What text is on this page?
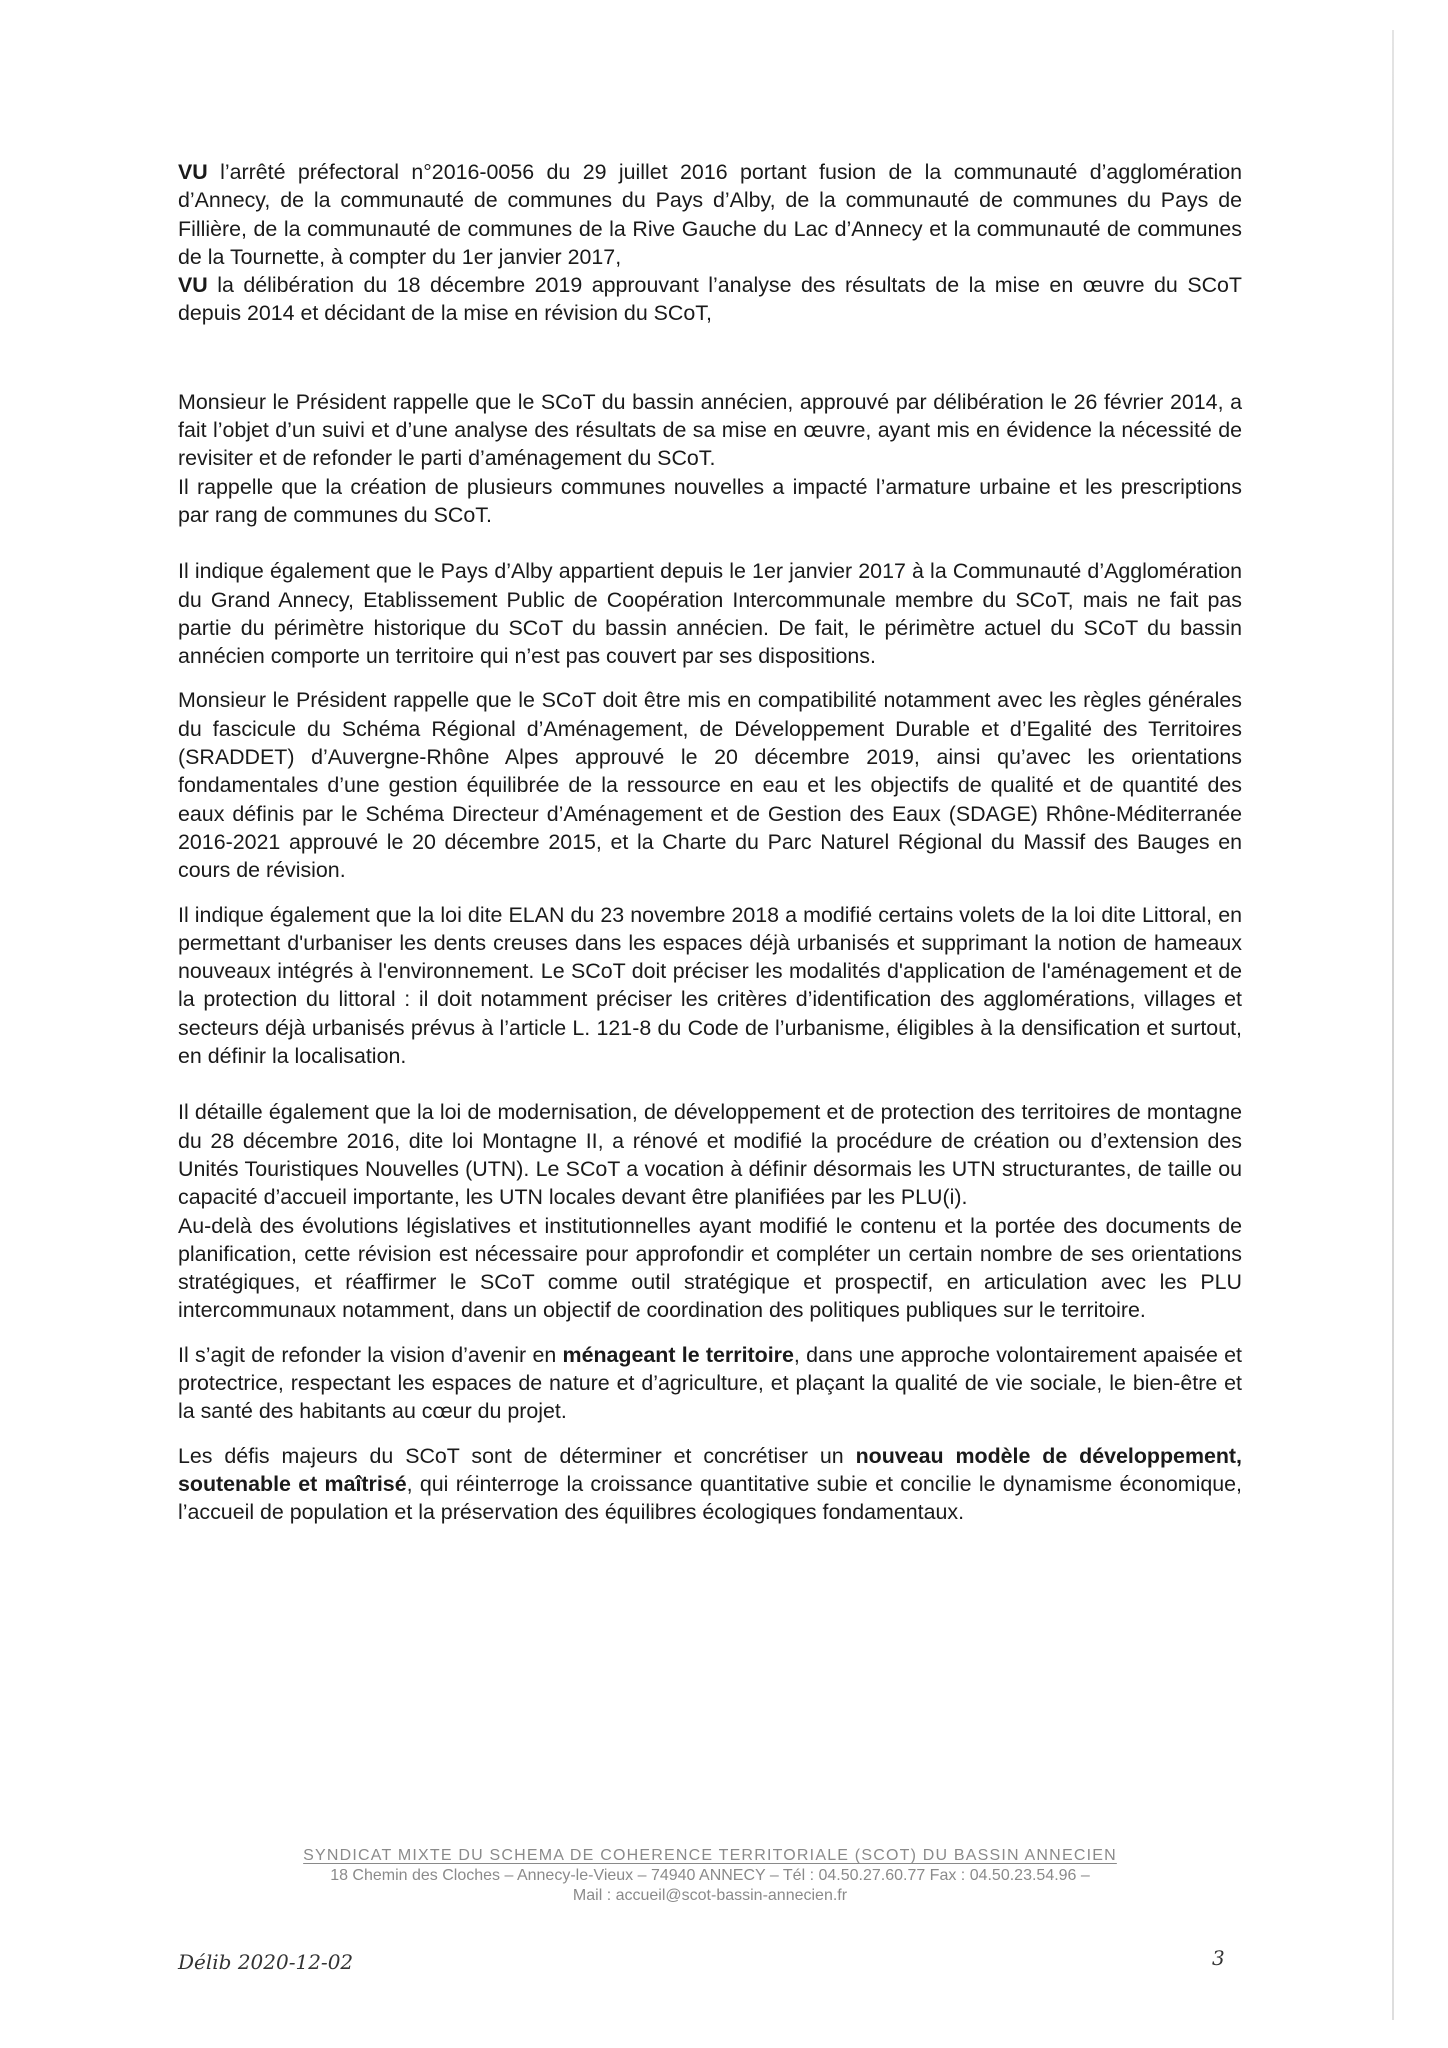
VU l’arrêté préfectoral n°2016-0056 du 29 juillet 2016 portant fusion de la communauté d’agglomération d’Annecy, de la communauté de communes du Pays d’Alby, de la communauté de communes du Pays de Fillière, de la communauté de communes de la Rive Gauche du Lac d’Annecy et la communauté de communes de la Tournette, à compter du 1er janvier 2017,

VU la délibération du 18 décembre 2019 approuvant l’analyse des résultats de la mise en œuvre du SCoT depuis 2014 et décidant de la mise en révision du SCoT,

Monsieur le Président rappelle que le SCoT du bassin annécien, approuvé par délibération le 26 février 2014, a fait l’objet d’un suivi et d’une analyse des résultats de sa mise en œuvre, ayant mis en évidence la nécessité de revisiter et de refonder le parti d’aménagement du SCoT.

Il rappelle que la création de plusieurs communes nouvelles a impacté l’armature urbaine et les prescriptions par rang de communes du SCoT.

Il indique également que le Pays d’Alby appartient depuis le 1er janvier 2017 à la Communauté d’Agglomération du Grand Annecy, Etablissement Public de Coopération Intercommunale membre du SCoT, mais ne fait pas partie du périmètre historique du SCoT du bassin annécien. De fait, le périmètre actuel du SCoT du bassin annécien comporte un territoire qui n’est pas couvert par ses dispositions.

Monsieur le Président rappelle que le SCoT doit être mis en compatibilité notamment avec les règles générales du fascicule du Schéma Régional d’Aménagement, de Développement Durable et d’Egalité des Territoires (SRADDET) d’Auvergne-Rhône Alpes approuvé le 20 décembre 2019, ainsi qu’avec les orientations fondamentales d’une gestion équilibrée de la ressource en eau et les objectifs de qualité et de quantité des eaux définis par le Schéma Directeur d’Aménagement et de Gestion des Eaux (SDAGE) Rhône-Méditerranée 2016-2021 approuvé le 20 décembre 2015, et la Charte du Parc Naturel Régional du Massif des Bauges en cours de révision.

Il indique également que la loi dite ELAN du 23 novembre 2018 a modifié certains volets de la loi dite Littoral, en permettant d'urbaniser les dents creuses dans les espaces déjà urbanisés et supprimant la notion de hameaux nouveaux intégrés à l'environnement. Le SCoT doit préciser les modalités d'application de l'aménagement et de la protection du littoral : il doit notamment préciser les critères d’identification des agglomérations, villages et secteurs déjà urbanisés prévus à l’article L. 121-8 du Code de l’urbanisme, éligibles à la densification et surtout, en définir la localisation.

Il détaille également que la loi de modernisation, de développement et de protection des territoires de montagne du 28 décembre 2016, dite loi Montagne II, a rénové et modifié la procédure de création ou d’extension des Unités Touristiques Nouvelles (UTN). Le SCoT a vocation à définir désormais les UTN structurantes, de taille ou capacité d’accueil importante, les UTN locales devant être planifiées par les PLU(i).

Au-delà des évolutions législatives et institutionnelles ayant modifié le contenu et la portée des documents de planification, cette révision est nécessaire pour approfondir et compléter un certain nombre de ses orientations stratégiques, et réaffirmer le SCoT comme outil stratégique et prospectif, en articulation avec les PLU intercommunaux notamment, dans un objectif de coordination des politiques publiques sur le territoire.

Il s’agit de refonder la vision d’avenir en ménageant le territoire, dans une approche volontairement apaisée et protectrice, respectant les espaces de nature et d’agriculture, et plaçant la qualité de vie sociale, le bien-être et la santé des habitants au cœur du projet.

Les défis majeurs du SCoT sont de déterminer et concrétiser un nouveau modèle de développement, soutenable et maîtrisé, qui réinterroge la croissance quantitative subie et concilie le dynamisme économique, l’accueil de population et la préservation des équilibres écologiques fondamentaux.

SYNDICAT MIXTE DU SCHEMA DE COHERENCE TERRITORIALE (SCOT) DU BASSIN ANNECIEN
18 Chemin des Cloches – Annecy-le-Vieux – 74940 ANNECY – Tél : 04.50.27.60.77 Fax : 04.50.23.54.96 –
Mail : accueil@scot-bassin-annecien.fr
Délib 2020-12-02	3
